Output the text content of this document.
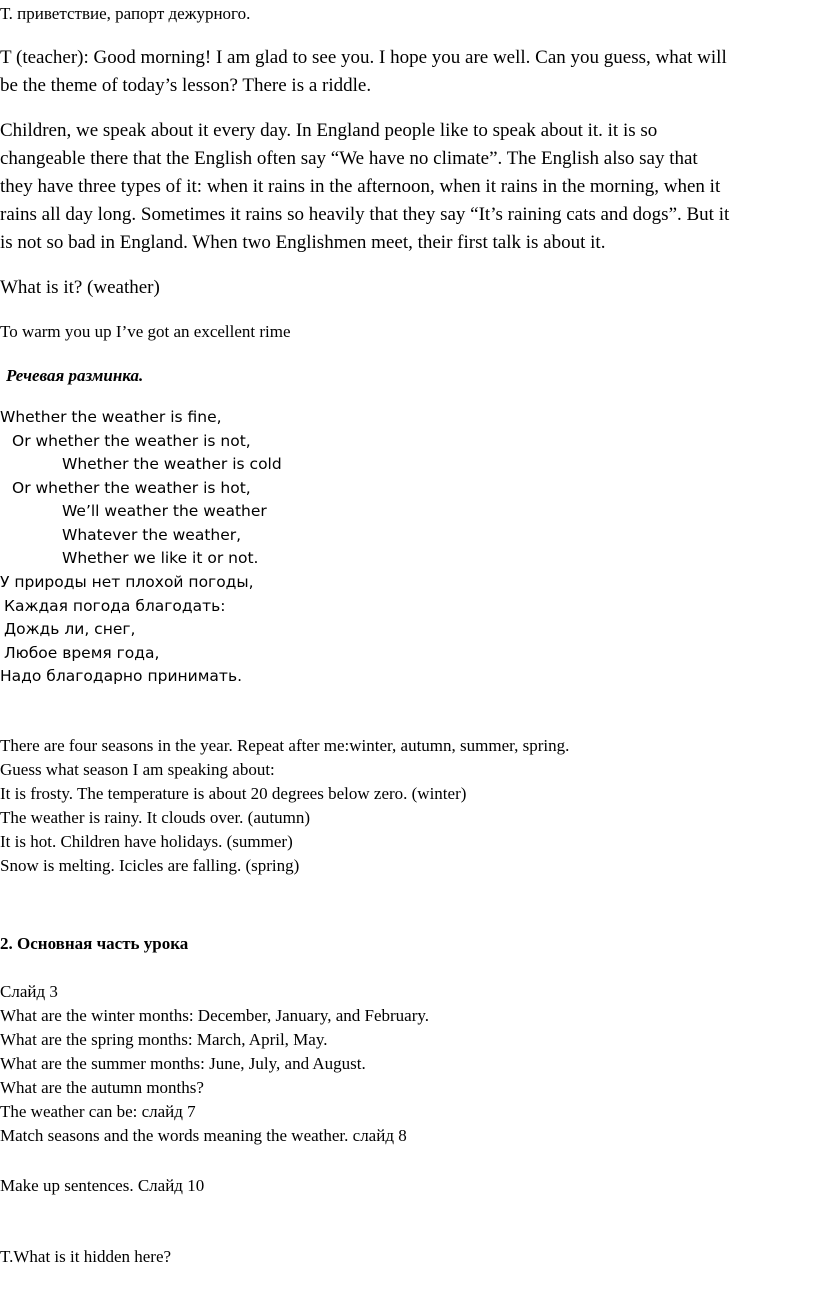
Т. приветствие, рапорт дежурного.

T (teacher): Good morning! I am glad to see you. I hope you are well. Can you guess, what will
be the theme of today’s lesson? There is a riddle.
Children, we speak about it every day. In England people like to speak about it. it is so
changeable there that the English often say “We have no climate”. The English also say that
they have three types of it: when it rains in the afternoon, when it rains in the morning, when it
rains all day long. Sometimes it rains so heavily that they say “It’s raining cats and dogs”. But it
is not so bad in England. When two Englishmen meet, their first talk is about it.

What is it? (weather)

To warm you up I’ve got an excellent rime

Речевая разминка.

Whether the weather is fine,
Or whether the weather is not,
Whether the weather is cold
Or whether the weather is hot,
We’ll weather the weather
Whatever the weather,
Whether we like it or not.
У природы нет плохой погоды,
Каждая погода благодать:
Дождь ли, снег,
Любое время года,
Надо благодарно принимать.
There are four seasons in the year. Repeat after me:winter, autumn, summer, spring.
Guess what season I am speaking about:
It is frosty. The temperature is about 20 degrees below zero. (winter)
The weather is rainy. It clouds over. (autumn)
It is hot. Children have holidays. (summer)
Snow is melting. Icicles are falling. (spring)

2. Основная часть урока

Слайд 3
What are the winter months: December, January, and February.
What are the spring months: March, April, May.
What are the summer months: June, July, and August.
What are the autumn months?
The weather can be: слайд 7
Match seasons and the words meaning the weather. слайд 8

Make up sentences. Слайд 10

T.What is it hidden here?
